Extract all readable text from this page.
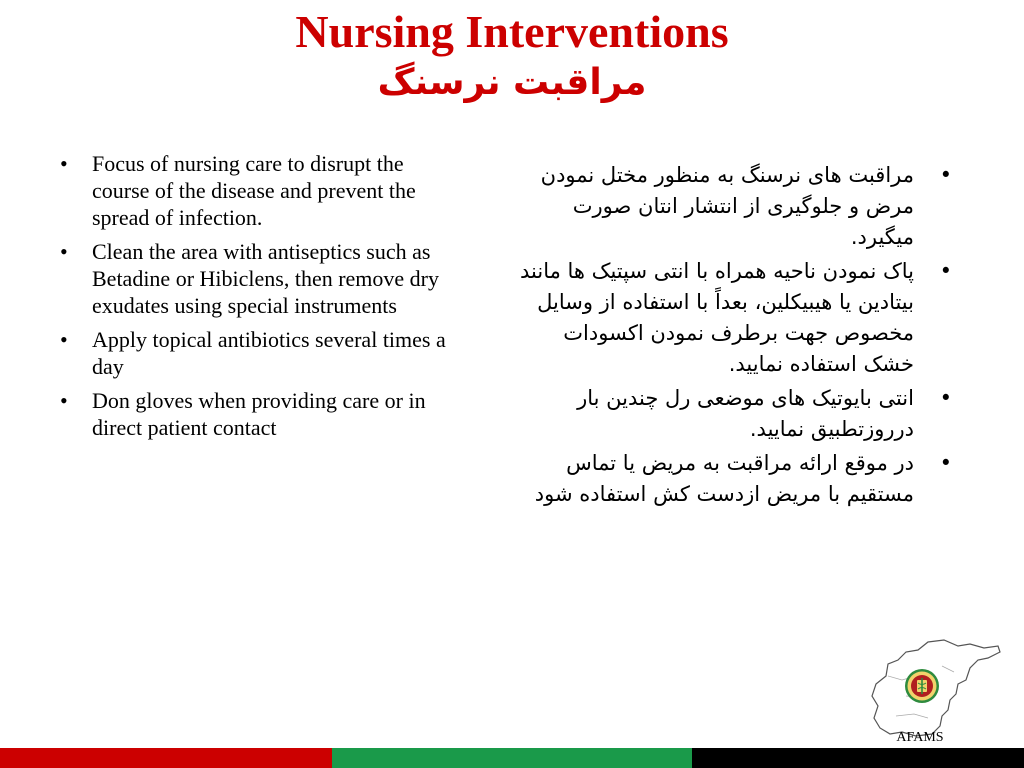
Nursing Interventions
مراقبت نرسنگ
• Focus of nursing care to disrupt the course of the disease and prevent the spread of infection.
• Clean the area with antiseptics such as Betadine or Hibiclens, then remove dry exudates using special instruments
• Apply topical antibiotics several times a day
• Don gloves when providing care or in direct patient contact
•
مراقبت های نرسنگ به منظور مختل نمودن مرض و جلوگیری از انتشار انتان صورت میگیرد.
•
پاک نمودن ناحیه همراه با انتی سپتیک ها مانند بیتادین یا هیبیکلین، بعداً با استفاده از وسایل مخصوص جهت برطرف نمودن اکسودات خشک استفاده نمایید.
•
انتی بایوتیک های موضعی رل چندین بار درروزتطبیق نمایید.
•
در موقع ارائه مراقبت به مریض یا تماس مستقیم با مریض ازدست کش استفاده شود
AFAMS
